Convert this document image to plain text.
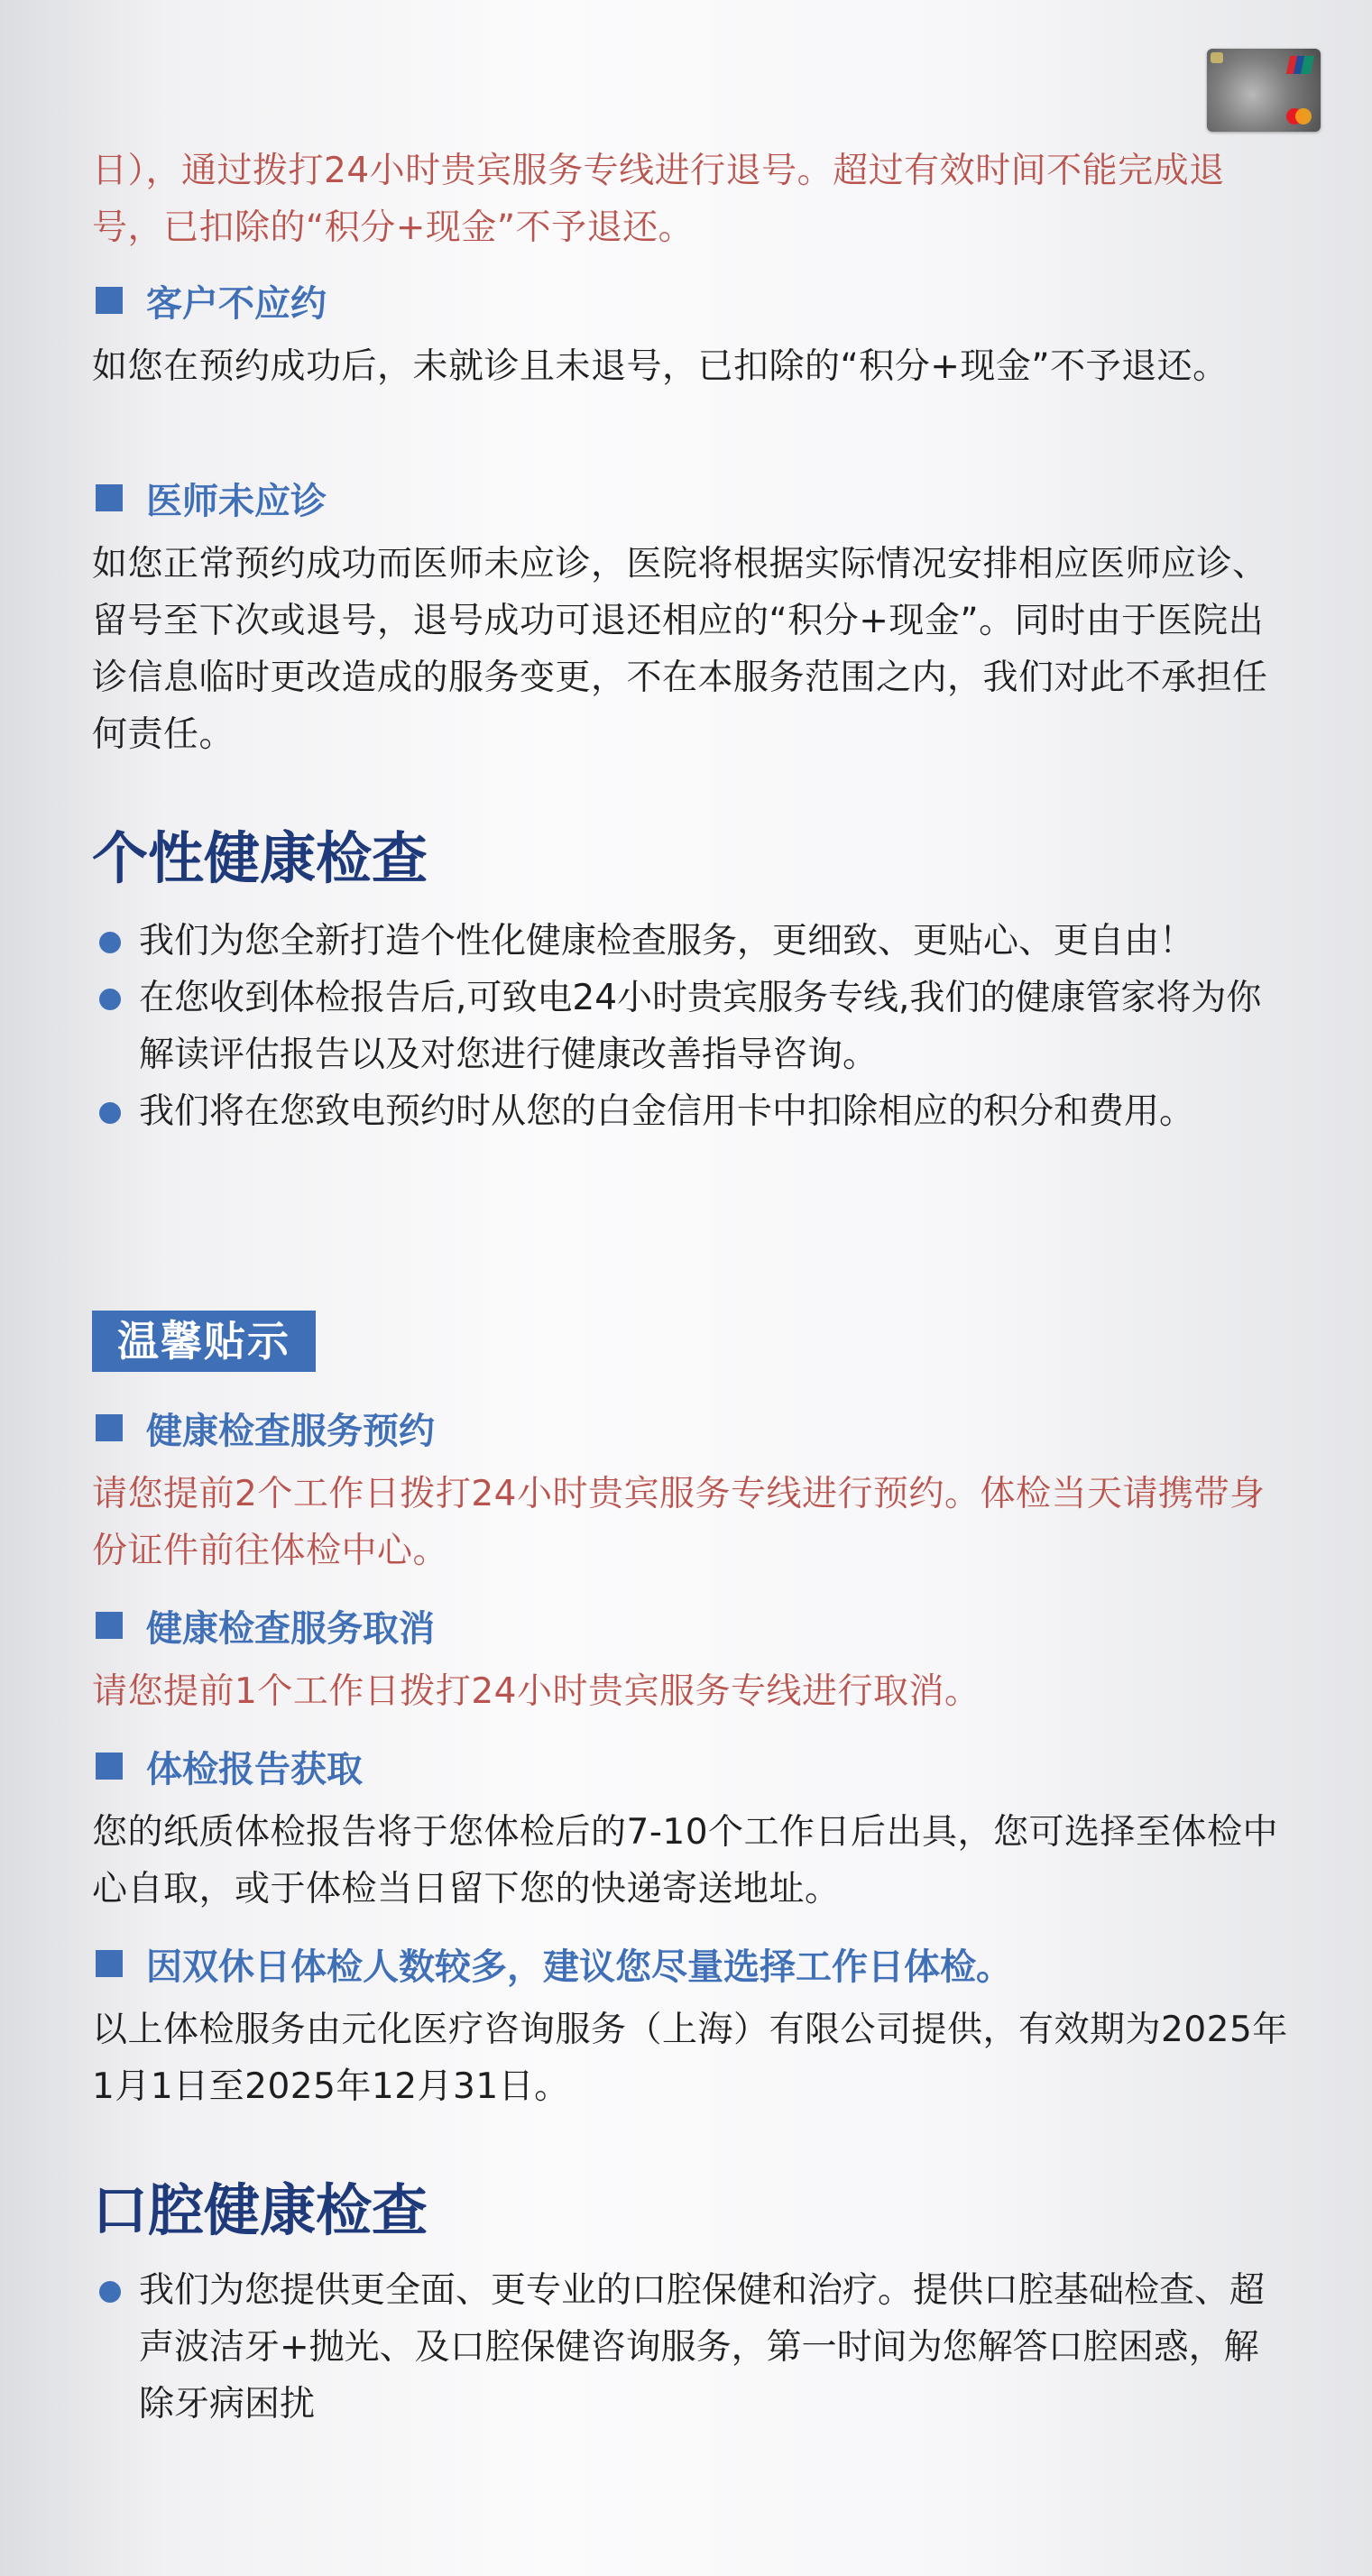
日），通过拨打24小时贵宾服务专线进行退号。超过有效时间不能完成退号，已扣除的“积分+现金”不予退还。

客户不应约

如您在预约成功后，未就诊且未退号，已扣除的“积分+现金”不予退还。

医师未应诊

如您正常预约成功而医师未应诊，医院将根据实际情况安排相应医师应诊、留号至下次或退号，退号成功可退还相应的“积分+现金”。同时由于医院出诊信息临时更改造成的服务变更，不在本服务范围之内，我们对此不承担任何责任。

个性健康检查
我们为您全新打造个性化健康检查服务，更细致、更贴心、更自由！
在您收到体检报告后,可致电24小时贵宾服务专线,我们的健康管家将为你解读评估报告以及对您进行健康改善指导咨询。
我们将在您致电预约时从您的白金信用卡中扣除相应的积分和费用。
温馨贴示
健康检查服务预约

请您提前2个工作日拨打24小时贵宾服务专线进行预约。体检当天请携带身份证件前往体检中心。

健康检查服务取消

请您提前1个工作日拨打24小时贵宾服务专线进行取消。

体检报告获取

您的纸质体检报告将于您体检后的7-10个工作日后出具，您可选择至体检中心自取，或于体检当日留下您的快递寄送地址。

因双休日体检人数较多，建议您尽量选择工作日体检。

以上体检服务由元化医疗咨询服务（上海）有限公司提供，有效期为2025年1月1日至2025年12月31日。

口腔健康检查
我们为您提供更全面、更专业的口腔保健和治疗。提供口腔基础检查、超声波洁牙+抛光、及口腔保健咨询服务，第一时间为您解答口腔困惑，解除牙病困扰
